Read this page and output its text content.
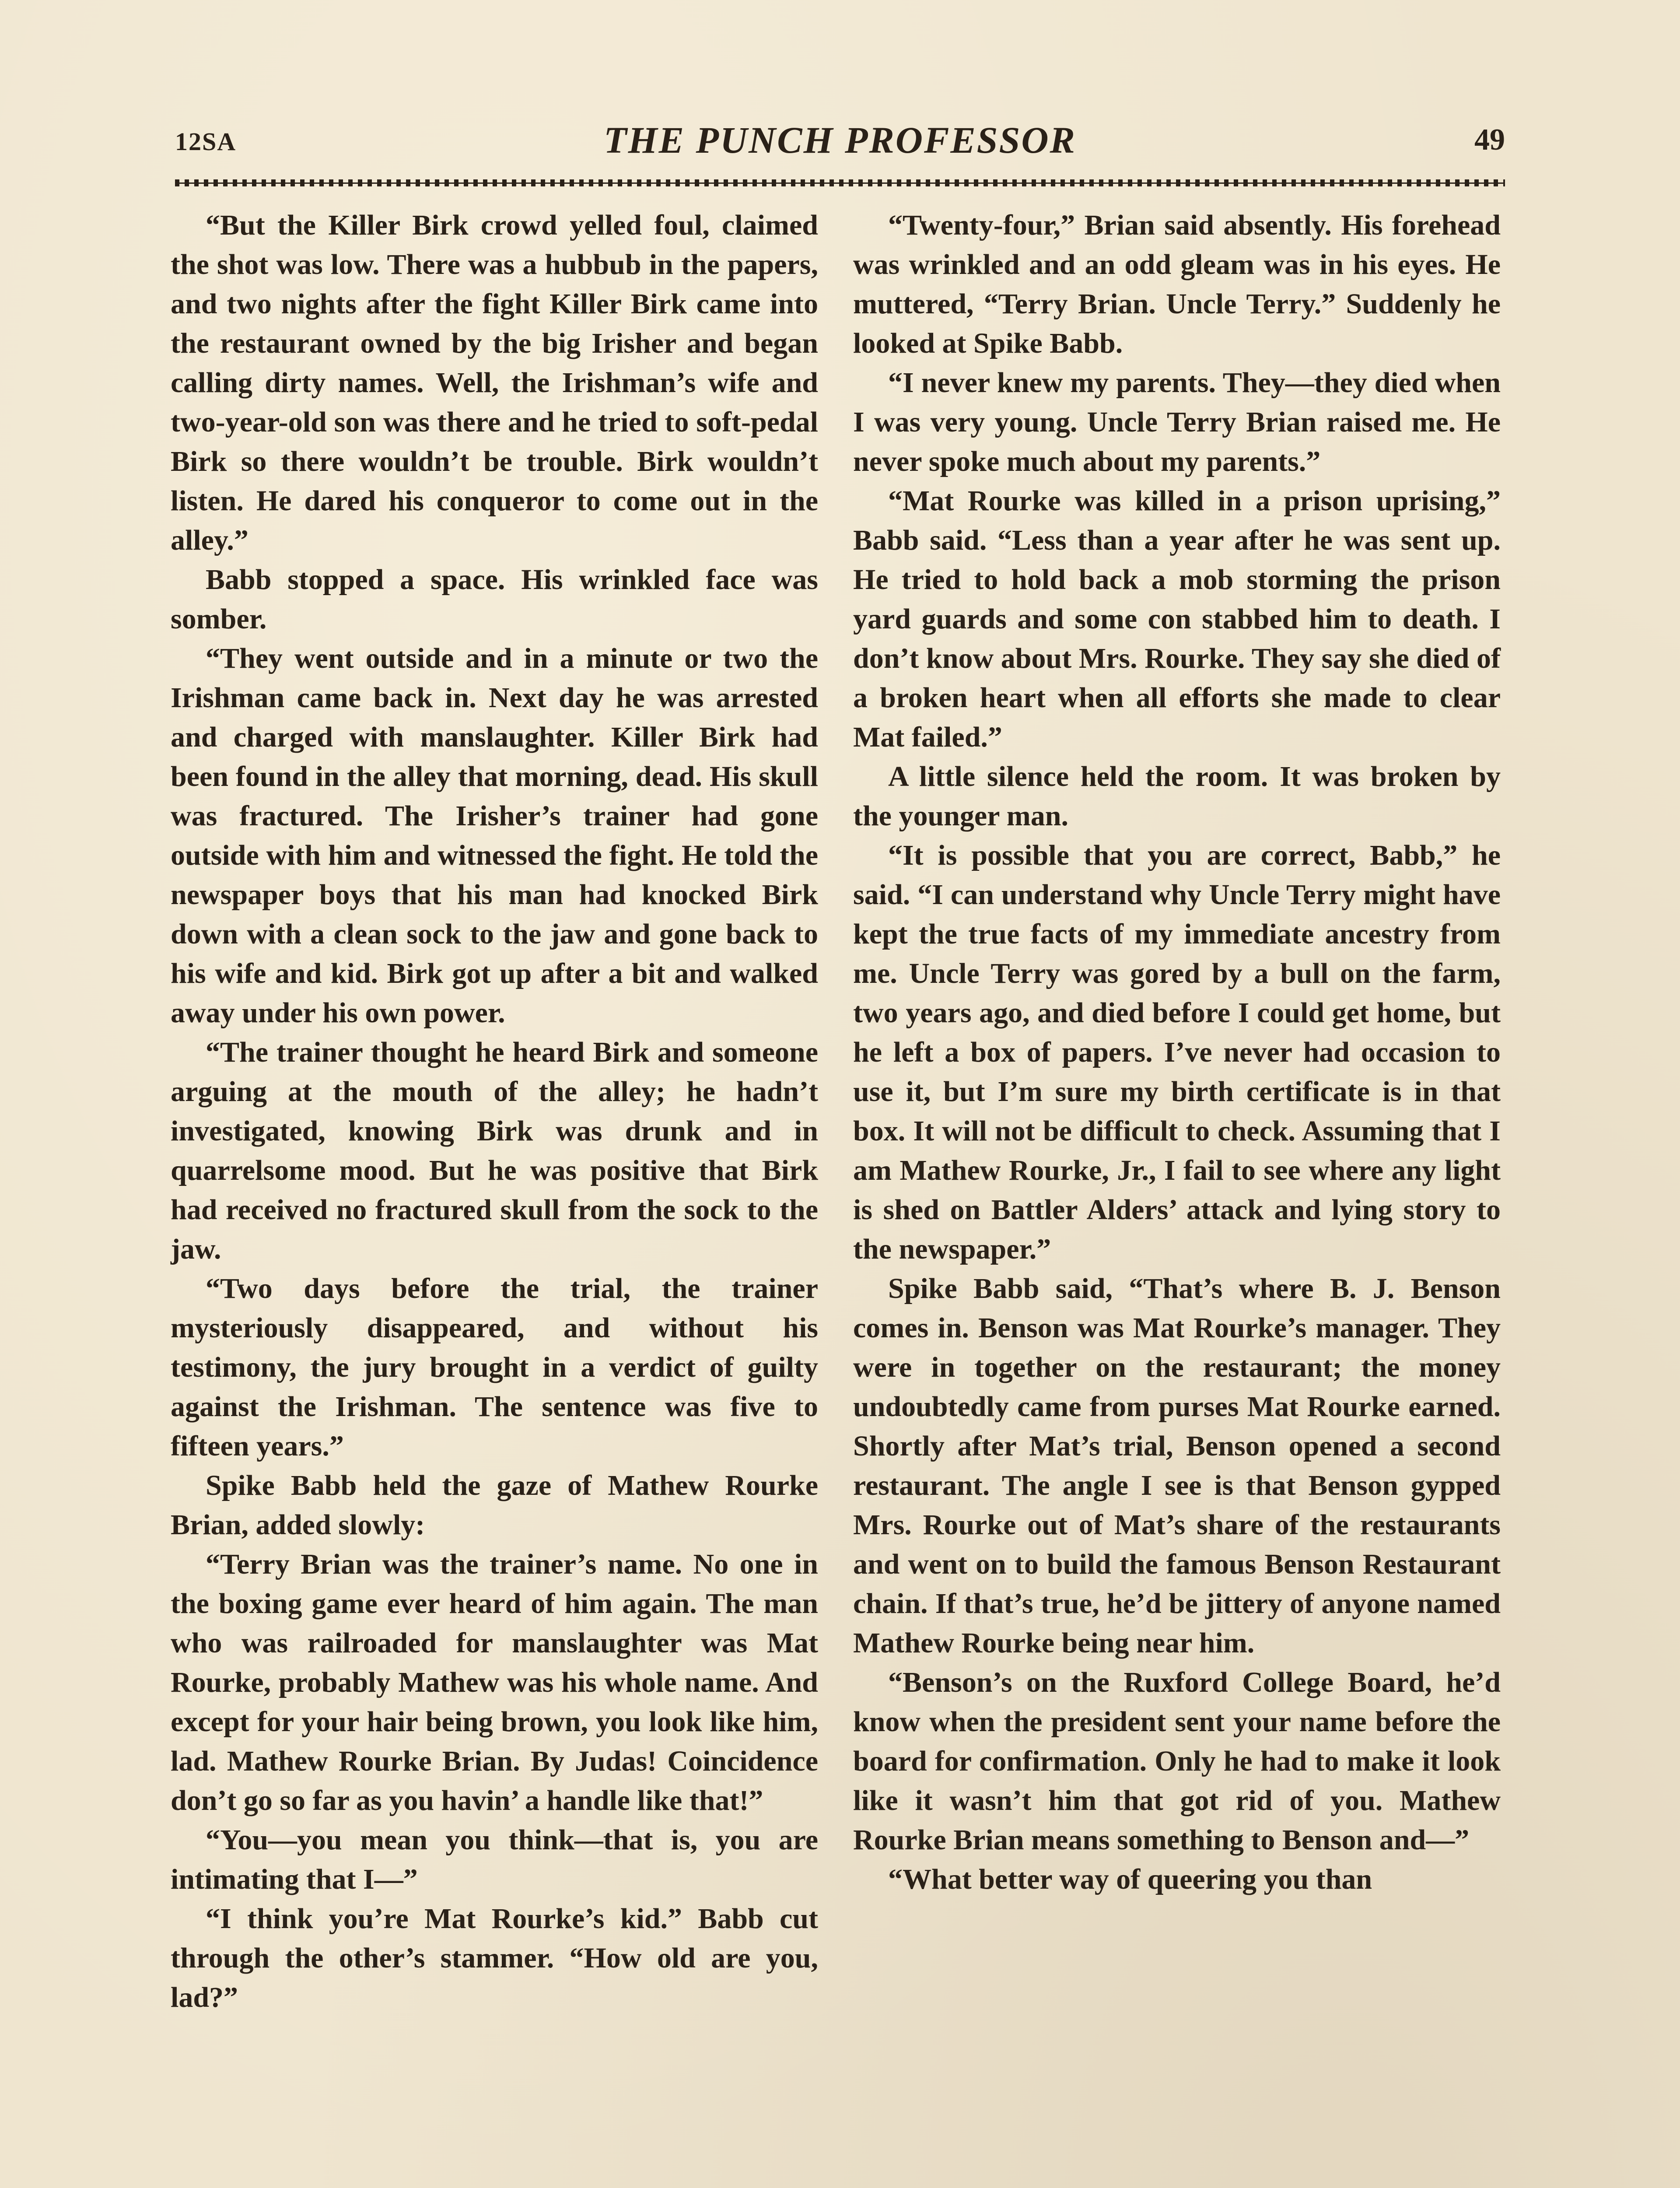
12SA	THE PUNCH PROFESSOR	49

“But the Killer Birk crowd yelled foul, claimed the shot was low. There was a hubbub in the papers, and two nights after the fight Killer Birk came into the restaurant owned by the big Irisher and began calling dirty names. Well, the Irishman’s wife and two-year-old son was there and he tried to soft-pedal Birk so there wouldn’t be trouble. Birk wouldn’t listen. He dared his conqueror to come out in the alley.”

Babb stopped a space. His wrinkled face was somber.

“They went outside and in a minute or two the Irishman came back in. Next day he was arrested and charged with manslaughter. Killer Birk had been found in the alley that morning, dead. His skull was fractured. The Irisher’s trainer had gone outside with him and witnessed the fight. He told the newspaper boys that his man had knocked Birk down with a clean sock to the jaw and gone back to his wife and kid. Birk got up after a bit and walked away under his own power.

“The trainer thought he heard Birk and someone arguing at the mouth of the alley; he hadn’t investigated, knowing Birk was drunk and in quarrelsome mood. But he was positive that Birk had received no fractured skull from the sock to the jaw.

“Two days before the trial, the trainer mysteriously disappeared, and without his testimony, the jury brought in a verdict of guilty against the Irishman. The sentence was five to fifteen years.”

Spike Babb held the gaze of Mathew Rourke Brian, added slowly:

“Terry Brian was the trainer’s name. No one in the boxing game ever heard of him again. The man who was railroaded for manslaughter was Mat Rourke, probably Mathew was his whole name. And except for your hair being brown, you look like him, lad. Mathew Rourke Brian. By Judas! Coincidence don’t go so far as you havin’ a handle like that!”

“You—you mean you think—that is, you are intimating that I—”

“I think you’re Mat Rourke’s kid.” Babb cut through the other’s stammer. “How old are you, lad?”

“Twenty-four,” Brian said absently. His forehead was wrinkled and an odd gleam was in his eyes. He muttered, “Terry Brian. Uncle Terry.” Suddenly he looked at Spike Babb.

“I never knew my parents. They—they died when I was very young. Uncle Terry Brian raised me. He never spoke much about my parents.”

“Mat Rourke was killed in a prison uprising,” Babb said. “Less than a year after he was sent up. He tried to hold back a mob storming the prison yard guards and some con stabbed him to death. I don’t know about Mrs. Rourke. They say she died of a broken heart when all efforts she made to clear Mat failed.”

A little silence held the room. It was broken by the younger man.

“It is possible that you are correct, Babb,” he said. “I can understand why Uncle Terry might have kept the true facts of my immediate ancestry from me. Uncle Terry was gored by a bull on the farm, two years ago, and died before I could get home, but he left a box of papers. I’ve never had occasion to use it, but I’m sure my birth certificate is in that box. It will not be difficult to check. Assuming that I am Mathew Rourke, Jr., I fail to see where any light is shed on Battler Alders’ attack and lying story to the newspaper.”

Spike Babb said, “That’s where B. J. Benson comes in. Benson was Mat Rourke’s manager. They were in together on the restaurant; the money undoubtedly came from purses Mat Rourke earned. Shortly after Mat’s trial, Benson opened a second restaurant. The angle I see is that Benson gypped Mrs. Rourke out of Mat’s share of the restaurants and went on to build the famous Benson Restaurant chain. If that’s true, he’d be jittery of anyone named Mathew Rourke being near him.

“Benson’s on the Ruxford College Board, he’d know when the president sent your name before the board for confirmation. Only he had to make it look like it wasn’t him that got rid of you. Mathew Rourke Brian means something to Benson and—”

“What better way of queering you than
